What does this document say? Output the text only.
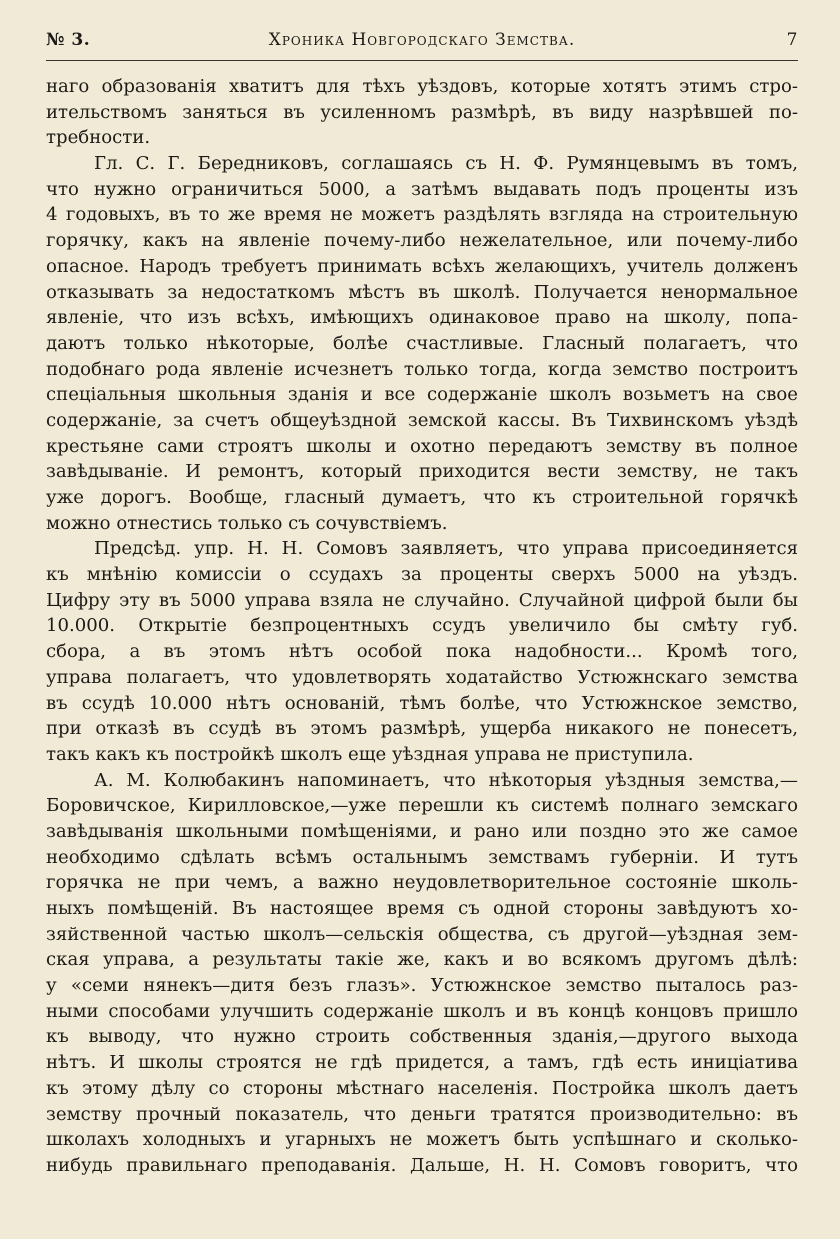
№ 3.	Хроника Новгородскаго Земства.	7
наго образованія хватитъ для тѣхъ уѣздовъ, которые хотятъ этимъ стро-
ительствомъ заняться въ усиленномъ размѣрѣ, въ виду назрѣвшей по-
требности.
Гл. С. Г. Бередниковъ, соглашаясь съ Н. Ф. Румянцевымъ въ томъ,
что нужно ограничиться 5000, а затѣмъ выдавать подъ проценты изъ
4 годовыхъ, въ то же время не можетъ раздѣлять взгляда на строительную
горячку, какъ на явленіе почему-либо нежелательное, или почему-либо
опасное. Народъ требуетъ принимать всѣхъ желающихъ, учитель долженъ
отказывать за недостаткомъ мѣстъ въ школѣ. Получается ненормальное
явленіе, что изъ всѣхъ, имѣющихъ одинаковое право на школу, попа-
даютъ только нѣкоторые, болѣе счастливые. Гласный полагаетъ, что
подобнаго рода явленіе исчезнетъ только тогда, когда земство построитъ
спеціальныя школьныя зданія и все содержаніе школъ возьметъ на свое
содержаніе, за счетъ общеуѣздной земской кассы. Въ Тихвинскомъ уѣздѣ
крестьяне сами строятъ школы и охотно передаютъ земству въ полное
завѣдываніе. И ремонтъ, который приходится вести земству, не такъ
уже дорогъ. Вообще, гласный думаетъ, что къ строительной горячкѣ
можно отнестись только съ сочувствіемъ.
Предсѣд. упр. Н. Н. Сомовъ заявляетъ, что управа присоединяется
къ мнѣнію комиссіи о ссудахъ за проценты сверхъ 5000 на уѣздъ.
Цифру эту въ 5000 управа взяла не случайно. Случайной цифрой были бы
10.000. Открытіе безпроцентныхъ ссудъ увеличило бы смѣту губ.
сбора, а въ этомъ нѣтъ особой пока надобности... Кромѣ того,
управа полагаетъ, что удовлетворять ходатайство Устюжнскаго земства
въ ссудѣ 10.000 нѣтъ основаній, тѣмъ болѣе, что Устюжнское земство,
при отказѣ въ ссудѣ въ этомъ размѣрѣ, ущерба никакого не понесетъ,
такъ какъ къ постройкѣ школъ еще уѣздная управа не приступила.
А. М. Колюбакинъ напоминаетъ, что нѣкоторыя уѣздныя земства,—
Боровичское, Кирилловское,—уже перешли къ системѣ полнаго земскаго
завѣдыванія школьными помѣщеніями, и рано или поздно это же самое
необходимо сдѣлать всѣмъ остальнымъ земствамъ губерніи. И тутъ
горячка не при чемъ, а важно неудовлетворительное состояніе школь-
ныхъ помѣщеній. Въ настоящее время съ одной стороны завѣдуютъ хо-
зяйственной частью школъ—сельскія общества, съ другой—уѣздная зем-
ская управа, а результаты такіе же, какъ и во всякомъ другомъ дѣлѣ:
у «семи нянекъ—дитя безъ глазъ». Устюжнское земство пыталось раз-
ными способами улучшить содержаніе школъ и въ концѣ концовъ пришло
къ выводу, что нужно строить собственныя зданія,—другого выхода
нѣтъ. И школы строятся не гдѣ придется, а тамъ, гдѣ есть иниціатива
къ этому дѣлу со стороны мѣстнаго населенія. Постройка школъ даетъ
земству прочный показатель, что деньги тратятся производительно: въ
школахъ холодныхъ и угарныхъ не можетъ быть успѣшнаго и сколько-
нибудь правильнаго преподаванія. Дальше, Н. Н. Сомовъ говоритъ, что
